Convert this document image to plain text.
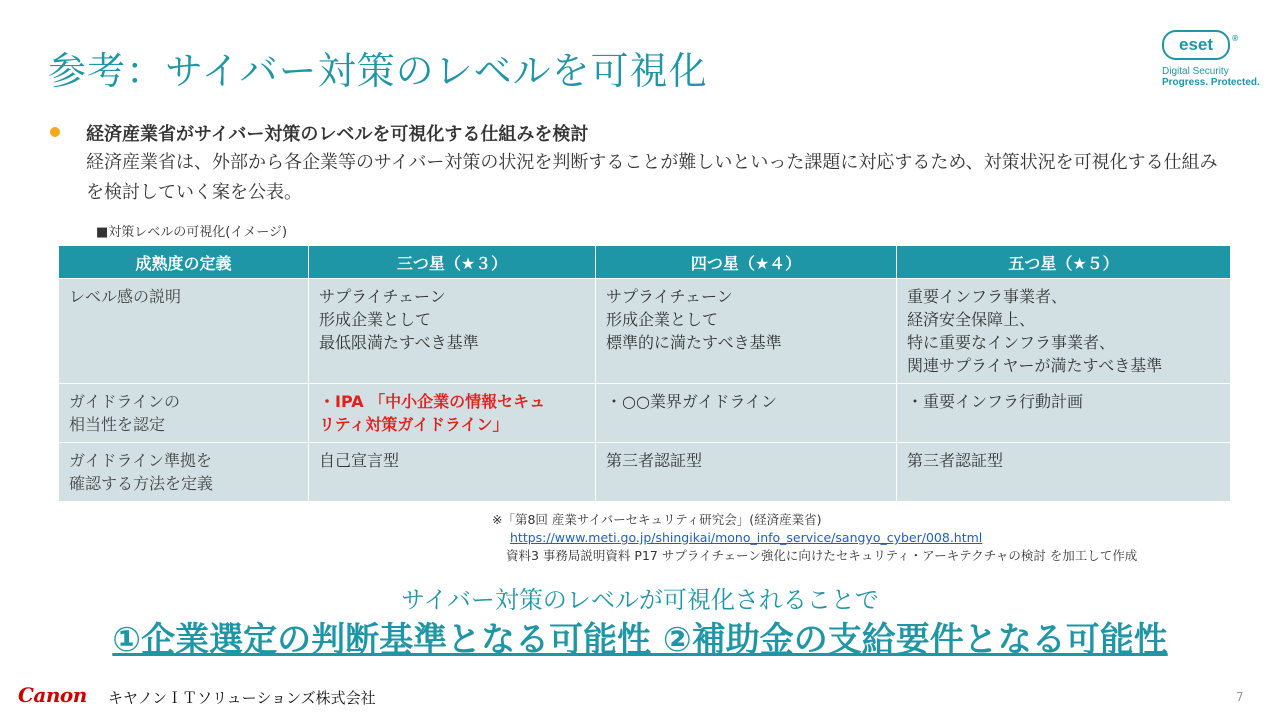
参考：サイバー対策のレベルを可視化
eset ®
Digital Security
Progress. Protected.
経済産業省がサイバー対策のレベルを可視化する仕組みを検討
経済産業省は、外部から各企業等のサイバー対策の状況を判断することが難しいといった課題に対応するため、対策状況を可視化する仕組みを検討していく案を公表。
■対策レベルの可視化(イメージ)
成熟度の定義	三つ星（★３）	四つ星（★４）	五つ星（★５）

レベル感の説明	サプライチェーン
形成企業として
最低限満たすべき基準	サプライチェーン
形成企業として
標準的に満たすべき基準	重要インフラ事業者、
経済安全保障上、
特に重要なインフラ事業者、
関連サプライヤーが満たすべき基準

ガイドラインの
相当性を認定	・IPA 「中小企業の情報セキュ
リティ対策ガイドライン」	・○○業界ガイドライン	・重要インフラ行動計画

ガイドライン準拠を
確認する方法を定義	自己宣言型	第三者認証型	第三者認証型
※「第8回 産業サイバーセキュリティ研究会」(経済産業省)
https://www.meti.go.jp/shingikai/mono_info_service/sangyo_cyber/008.html
資料3 事務局説明資料 P17 サプライチェーン強化に向けたセキュリティ・アーキテクチャの検討 を加工して作成
サイバー対策のレベルが可視化されることで
①企業選定の判断基準となる可能性 ②補助金の支給要件となる可能性
Canon キヤノンＩＴソリューションズ株式会社	7
